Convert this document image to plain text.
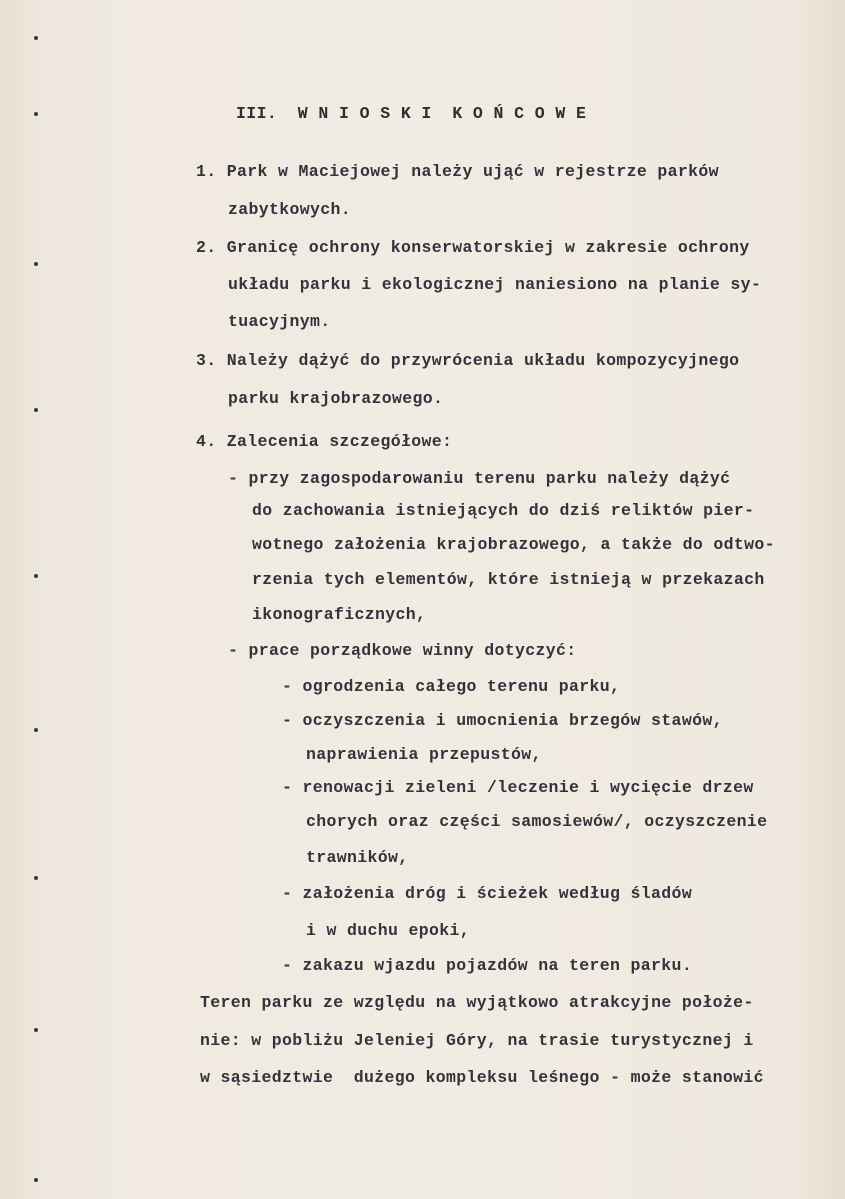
III.  W N I O S K I  K O Ń C O W E
1. Park w Maciejowej należy ująć w rejestrze parków
zabytkowych.
2. Granicę ochrony konserwatorskiej w zakresie ochrony
układu parku i ekologicznej naniesiono na planie sy-
tuacyjnym.
3. Należy dążyć do przywrócenia układu kompozycyjnego
parku krajobrazowego.
4. Zalecenia szczegółowe:
- przy zagospodarowaniu terenu parku należy dążyć
do zachowania istniejących do dziś reliktów pier-
wotnego założenia krajobrazowego, a także do odtwo-
rzenia tych elementów, które istnieją w przekazach
ikonograficznych,
- prace porządkowe winny dotyczyć:
- ogrodzenia całego terenu parku,
- oczyszczenia i umocnienia brzegów stawów,
naprawienia przepustów,
- renowacji zieleni /leczenie i wycięcie drzew
chorych oraz części samosiewów/, oczyszczenie
trawników,
- założenia dróg i ścieżek według śladów
i w duchu epoki,
- zakazu wjazdu pojazdów na teren parku.
Teren parku ze względu na wyjątkowo atrakcyjne położe-
nie: w pobliżu Jeleniej Góry, na trasie turystycznej i
w sąsiedztwie  dużego kompleksu leśnego - może stanowić
